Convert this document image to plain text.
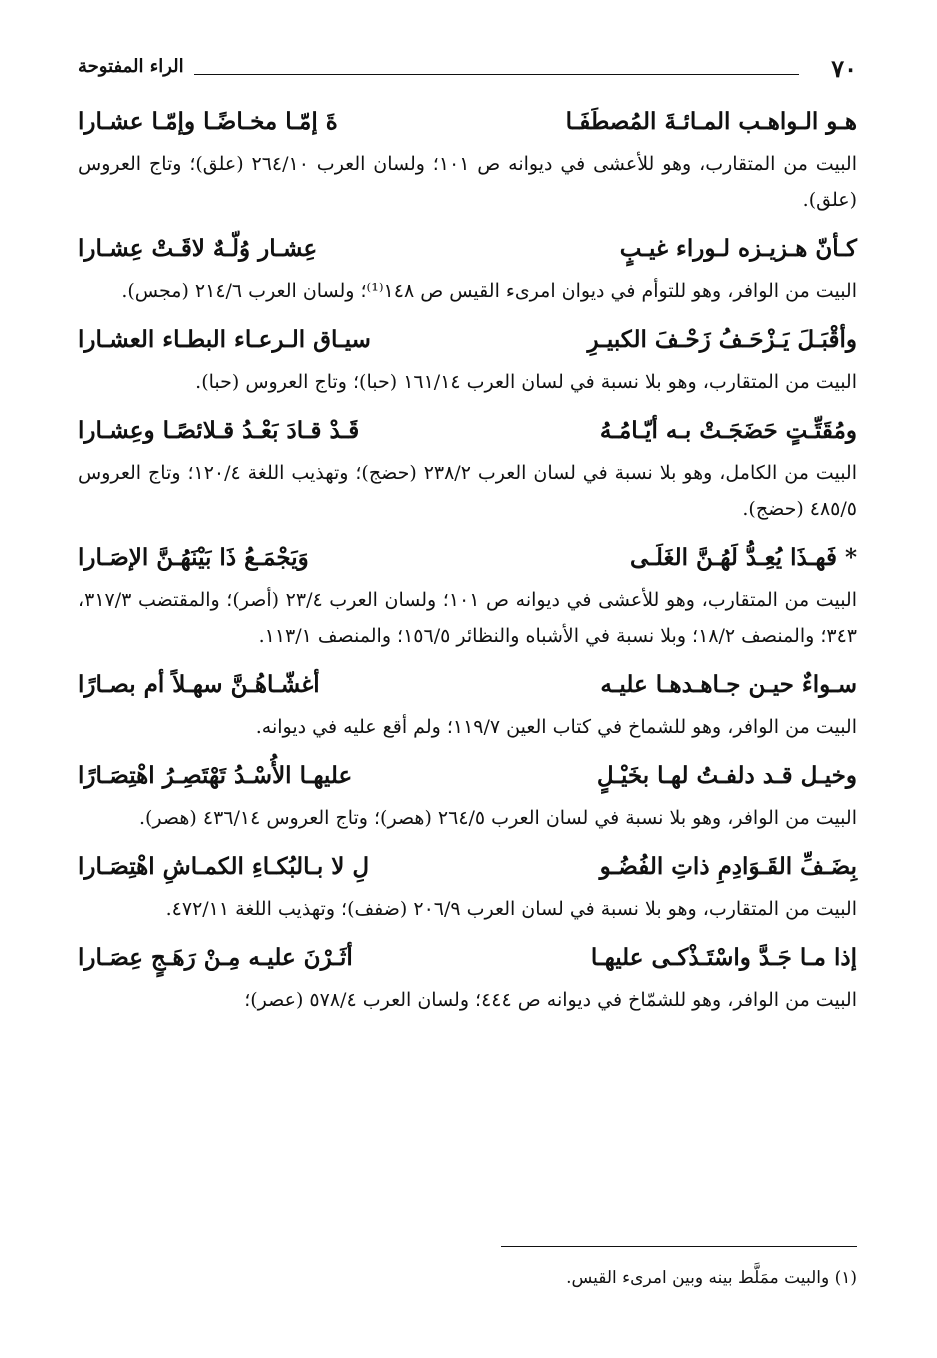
٧٠
الراء المفتوحة
هـو الـواهـب المـائـةَ المُصطَفَـا
ةَ إمّـا مخـاضًـا وإمّـا عشـارا
البيت من المتقارب، وهو للأعشى في ديوانه ص ١٠١؛ ولسان العرب ٢٦٤/١٠ (علق)؛ وتاج العروس (علق).
كـأنّ هـزيـزه لـوراء غيـبٍ
عِشـار وُلّـهٌ لاقَـتْ عِشـارا
البيت من الوافر، وهو للتوأم في ديوان امرىء القيس ص ١٤٨⁽¹⁾؛ ولسان العرب ٢١٤/٦ (مجس).
وأقْبَـلَ يَـزْحَـفُ زَحْـفَ الكبيـرِ
سيـاق الـرعـاء البطـاء العشـارا
البيت من المتقارب، وهو بلا نسبة في لسان العرب ١٦١/١٤ (حبا)؛ وتاج العروس (حبا).
ومُقَتِّـتٍ حَضَجَـتْ بـه أيّـامُـهُ
قَـدْ قـادَ بَعْـدُ قـلائصًـا وعِشـارا
البيت من الكامل، وهو بلا نسبة في لسان العرب ٢٣٨/٢ (حضج)؛ وتهذيب اللغة ١٢٠/٤؛ وتاج العروس ٤٨٥/٥ (حضج).
* فَهـذَا يُعِـدُّ لَهُـنَّ الغَلَـى
وَيَجْمَـعُ ذَا بَيْنَهُـنَّ الإصَـارا
البيت من المتقارب، وهو للأعشى في ديوانه ص ١٠١؛ ولسان العرب ٢٣/٤ (أصر)؛ والمقتضب ٣١٧/٣، ٣٤٣؛ والمنصف ١٨/٢؛ وبلا نسبة في الأشباه والنظائر ١٥٦/٥؛ والمنصف ١١٣/١.
سـواءٌ حيـن جـاهـدهـا عليـه
أغشّـاهُـنَّ سهـلاً أم بصـارًا
البيت من الوافر، وهو للشماخ في كتاب العين ١١٩/٧؛ ولم أقع عليه في ديوانه.
وخيـل قـد دلفـتُ لهـا بخَيْـلٍ
عليهـا الأُسْـدُ تَهْتَصِـرُ اهْتِصَـارًا
البيت من الوافر، وهو بلا نسبة في لسان العرب ٢٦٤/٥ (هصر)؛ وتاج العروس ٤٣٦/١٤ (هصر).
بِضَـفِّ القَـوَادِمِ ذاتِ الفُضُـو
لِ لا بـالبُكـاءِ الكمـاشِ اهْتِصَـارا
البيت من المتقارب، وهو بلا نسبة في لسان العرب ٢٠٦/٩ (ضفف)؛ وتهذيب اللغة ٤٧٢/١١.
إذا مـا جَـدَّ واسْتَـذْكـى عليهـا
أثَـرْنَ عليـه مِـنْ رَهَـجٍ عِصَـارا
البيت من الوافر، وهو للشمّاخ في ديوانه ص ٤٤٤؛ ولسان العرب ٥٧٨/٤ (عصر)؛
(١) والبيت ممَلَّط بينه وبين امرىء القيس.
